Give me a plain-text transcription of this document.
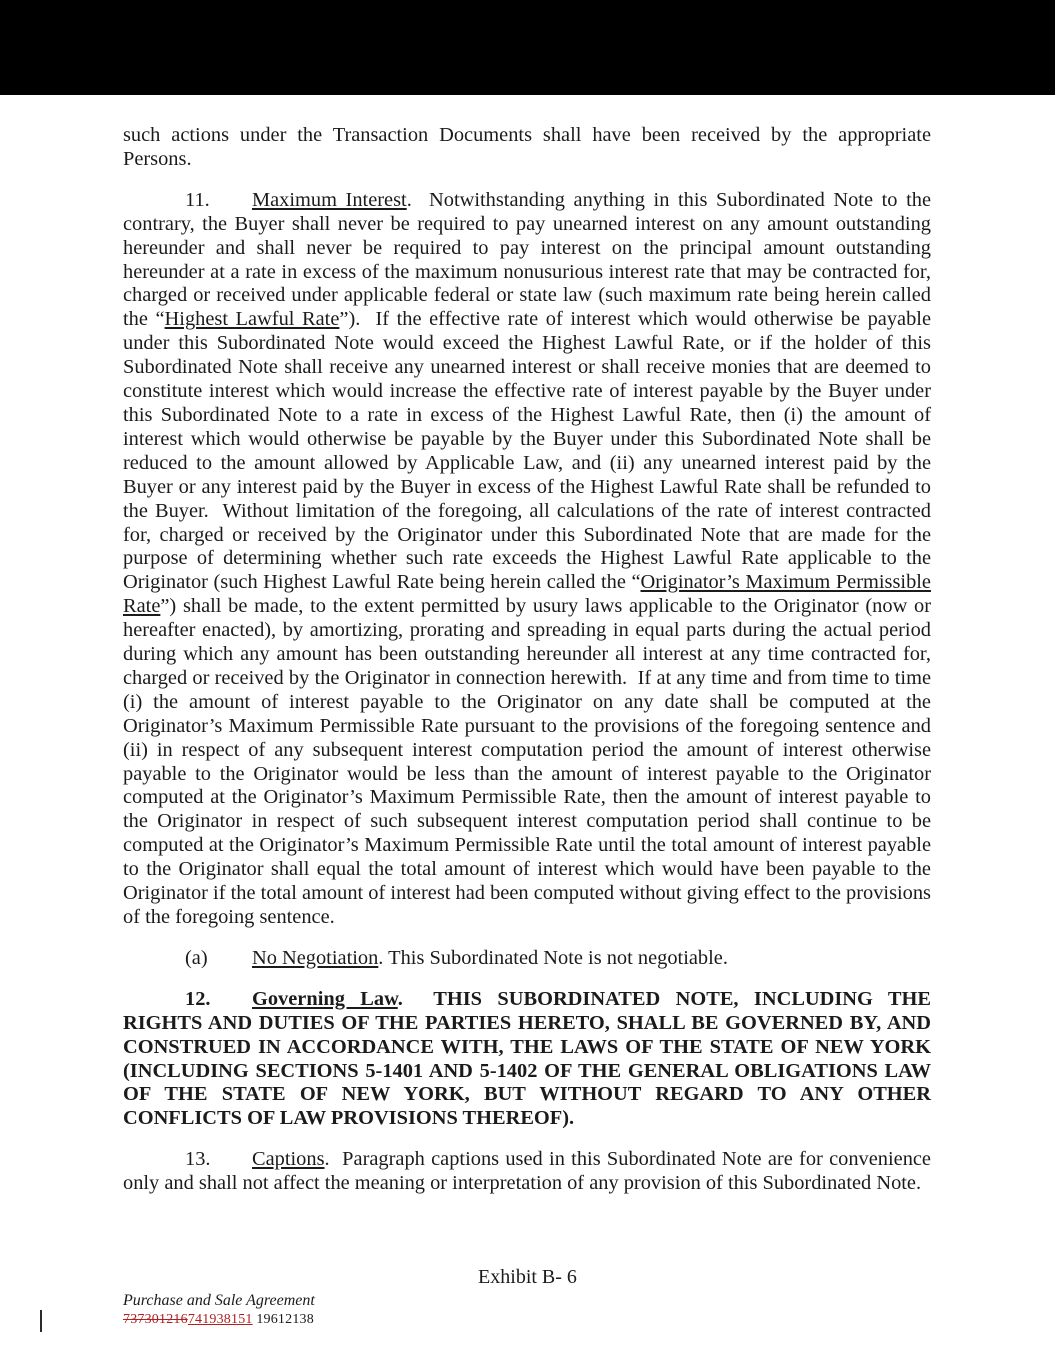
such actions under the Transaction Documents shall have been received by the appropriate Persons.

11. Maximum Interest.  Notwithstanding anything in this Subordinated Note to the contrary, the Buyer shall never be required to pay unearned interest on any amount outstanding hereunder and shall never be required to pay interest on the principal amount outstanding hereunder at a rate in excess of the maximum nonusurious interest rate that may be contracted for, charged or received under applicable federal or state law (such maximum rate being herein called the “Highest Lawful Rate”).  If the effective rate of interest which would otherwise be payable under this Subordinated Note would exceed the Highest Lawful Rate, or if the holder of this Subordinated Note shall receive any unearned interest or shall receive monies that are deemed to constitute interest which would increase the effective rate of interest payable by the Buyer under this Subordinated Note to a rate in excess of the Highest Lawful Rate, then (i) the amount of interest which would otherwise be payable by the Buyer under this Subordinated Note shall be reduced to the amount allowed by Applicable Law, and (ii) any unearned interest paid by the Buyer or any interest paid by the Buyer in excess of the Highest Lawful Rate shall be refunded to the Buyer.  Without limitation of the foregoing, all calculations of the rate of interest contracted for, charged or received by the Originator under this Subordinated Note that are made for the purpose of determining whether such rate exceeds the Highest Lawful Rate applicable to the Originator (such Highest Lawful Rate being herein called the “Originator’s Maximum Permissible Rate”) shall be made, to the extent permitted by usury laws applicable to the Originator (now or hereafter enacted), by amortizing, prorating and spreading in equal parts during the actual period during which any amount has been outstanding hereunder all interest at any time contracted for, charged or received by the Originator in connection herewith.  If at any time and from time to time (i) the amount of interest payable to the Originator on any date shall be computed at the Originator’s Maximum Permissible Rate pursuant to the provisions of the foregoing sentence and (ii) in respect of any subsequent interest computation period the amount of interest otherwise payable to the Originator would be less than the amount of interest payable to the Originator computed at the Originator’s Maximum Permissible Rate, then the amount of interest payable to the Originator in respect of such subsequent interest computation period shall continue to be computed at the Originator’s Maximum Permissible Rate until the total amount of interest payable to the Originator shall equal the total amount of interest which would have been payable to the Originator if the total amount of interest had been computed without giving effect to the provisions of the foregoing sentence.

(a) No Negotiation. This Subordinated Note is not negotiable.

12. Governing Law.  THIS SUBORDINATED NOTE, INCLUDING THE RIGHTS AND DUTIES OF THE PARTIES HERETO, SHALL BE GOVERNED BY, AND CONSTRUED IN ACCORDANCE WITH, THE LAWS OF THE STATE OF NEW YORK (INCLUDING SECTIONS 5-1401 AND 5-1402 OF THE GENERAL OBLIGATIONS LAW OF THE STATE OF NEW YORK, BUT WITHOUT REGARD TO ANY OTHER CONFLICTS OF LAW PROVISIONS THEREOF).

13. Captions.  Paragraph captions used in this Subordinated Note are for convenience only and shall not affect the meaning or interpretation of any provision of this Subordinated Note.

Exhibit B- 6
Purchase and Sale Agreement
737301216741938151 19612138
